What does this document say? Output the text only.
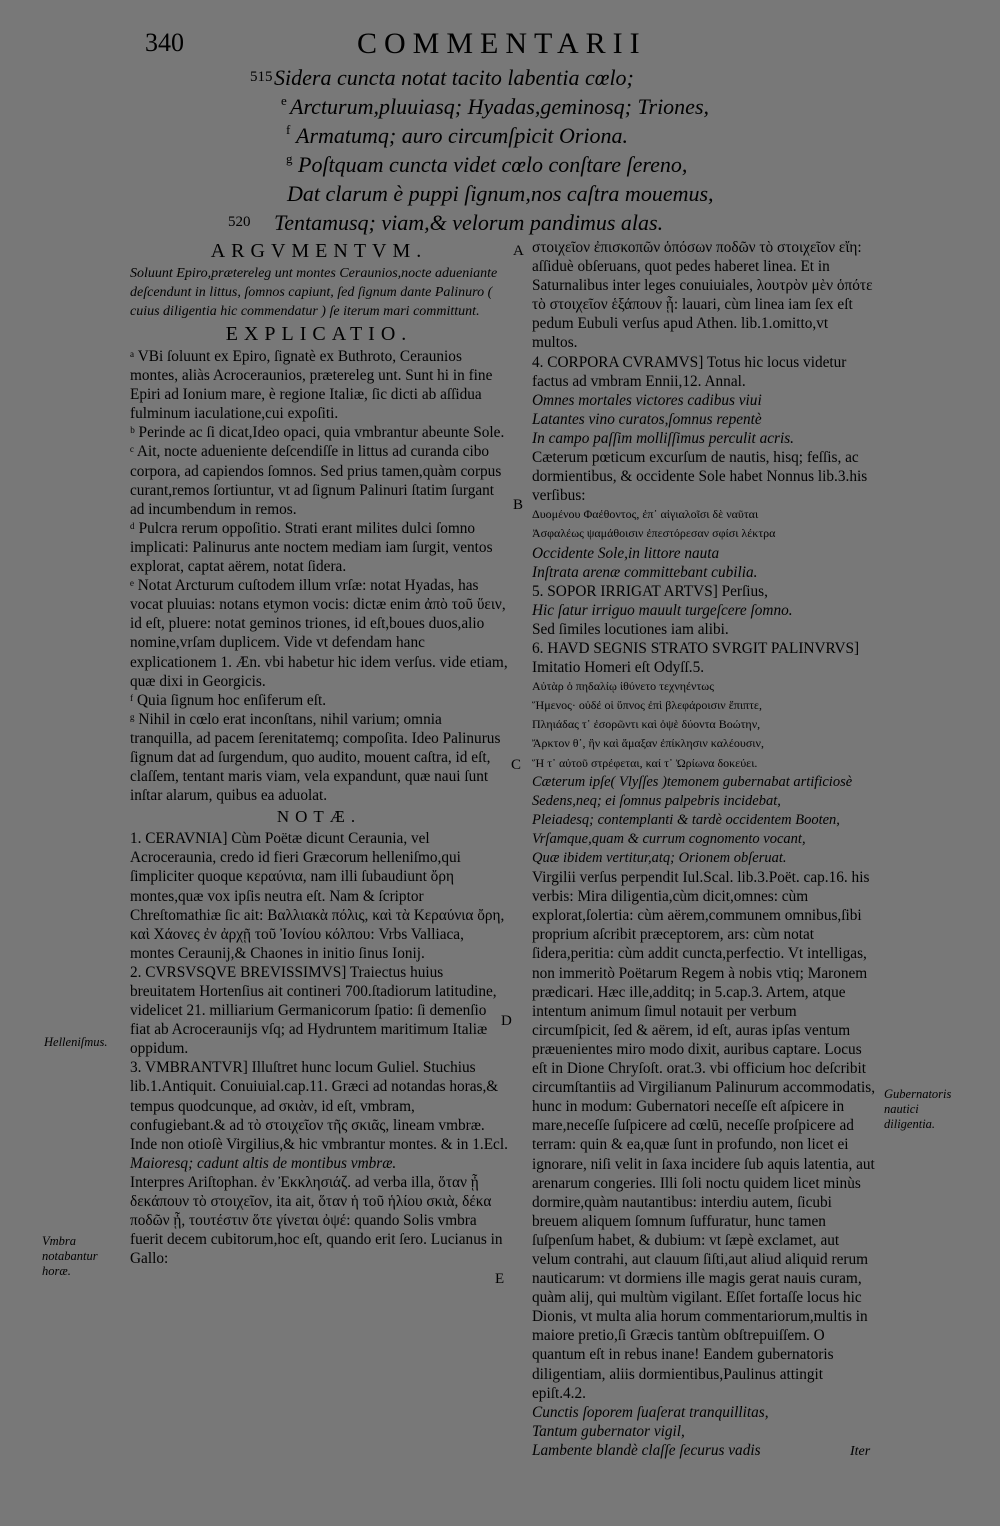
340	COMMENTARII
515 Sidera cuncta notat tacito labentia cœlo;
e Arcturum,pluuiasq; Hyadas,geminosq; Triones,
f Armatumq; auro circumſpicit Oriona.
g Poſtquam cuncta videt cœlo conſtare ſereno,
Dat clarum è puppi ſignum,nos caſtra mouemus,
520 Tentamusq; viam,& velorum pandimus alas.

ARGVMENTVM.

Soluunt Epiro,prætereleg unt montes Ceraunios,nocte adueniante deſcendunt in littus, ſomnos capiunt, ſed ſignum dante Palinuro ( cuius diligentia hic commendatur ) ſe iterum mari committunt.

EXPLICATIO.

ᵃ VBi ſoluunt ex Epiro, ſignatè ex Buthroto, Ceraunios montes, aliàs Acroceraunios, prætereleg unt. Sunt hi in fine Epiri ad Ionium mare, è regione Italiæ, ſic dicti ab aſſidua fulminum iaculatione,cui expoſiti.

ᵇ Perinde ac ſi dicat,Ideo opaci, quia vmbrantur abeunte Sole.

ᶜ Ait, nocte adueniente deſcendiſſe in littus ad curanda cibo corpora, ad capiendos ſomnos. Sed prius tamen,quàm corpus curant,remos ſortiuntur, vt ad ſignum Palinuri ſtatim ſurgant ad incumbendum in remos.

ᵈ Pulcra rerum oppoſitio. Strati erant milites dulci ſomno implicati: Palinurus ante noctem mediam iam ſurgit, ventos explorat, captat aërem, notat ſidera.

ᵉ Notat Arcturum cuſtodem illum vrſæ: notat Hyadas, has vocat pluuias: notans etymon vocis: dictæ enim ἀπὸ τοῦ ὕειν, id eſt, pluere: notat geminos triones, id eſt,boues duos,alio nomine,vrſam duplicem. Vide vt defendam hanc explicationem 1. Æn. vbi habetur hic idem verſus. vide etiam, quæ dixi in Georgicis.

ᶠ Quia ſignum hoc enſiferum eſt.

ᵍ Nihil in cœlo erat inconſtans, nihil varium; omnia tranquilla, ad pacem ſerenitatemq; compoſita. Ideo Palinurus ſignum dat ad ſurgendum, quo audito, mouent caſtra, id eſt, claſſem, tentant maris viam, vela expandunt, quæ naui ſunt inſtar alarum, quibus ea aduolat.

NOTÆ.

1. CERAVNIA] Cùm Poëtæ dicunt Ceraunia, vel Acroceraunia, credo id fieri Græcorum helleniſmo,qui ſimpliciter quoque κεραύνια, nam illi ſubaudiunt ὄρη montes,quæ vox ipſis neutra eſt. Nam & ſcriptor Chreſtomathiæ ſic ait: Βαλλιακὰ πόλις, καὶ τὰ Κεραύνια ὄρη, καὶ Χάονες ἐν ἀρχῇ τοῦ Ἰονίου κόλπου: Vrbs Valliaca, montes Ceraunij,& Chaones in initio ſinus Ionij.

2. CVRSVSQVE BREVISSIMVS] Traiectus huius breuitatem Hortenſius ait contineri 700.ſtadiorum latitudine, videlicet 21. milliarium Germanicorum ſpatio: ſi demenſio fiat ab Acroceraunijs vſq; ad Hydruntem maritimum Italiæ oppidum.

3. VMBRANTVR] Illuſtret hunc locum Guliel. Stuchius lib.1.Antiquit. Conuiuial.cap.11. Græci ad notandas horas,& tempus quodcunque, ad σκιὰν, id eſt, vmbram, confugiebant.& ad τὸ στοιχεῖον τῆς σκιᾶς, lineam vmbræ. Inde non otioſè Virgilius,& hic vmbrantur montes. & in 1.Ecl.

Maioresq; cadunt altis de montibus vmbræ.

Interpres Ariſtophan. ἐν Ἐκκλησιάζ. ad verba illa, ὅταν ᾖ δεκάπουν τὸ στοιχεῖον, ita ait, ὅταν ἡ τοῦ ἡλίου σκιὰ, δέκα ποδῶν ᾖ, τουτέστιν ὅτε γίνεται ὀψέ: quando Solis vmbra fuerit decem cubitorum,hoc eſt, quando erit ſero. Lucianus in Gallo:

στοιχεῖον ἐπισκοπῶν ὁπόσων ποδῶν τὸ στοιχεῖον εἴη: aſſiduè obſeruans, quot pedes haberet linea. Et in Saturnalibus inter leges conuiuiales, λουτρὸν μὲν ὁπότε τὸ στοιχεῖον ἑξάπουν ᾖ: lauari, cùm linea iam ſex eſt pedum Eubuli verſus apud Athen. lib.1.omitto,vt multos.

4. CORPORA CVRAMVS] Totus hic locus videtur factus ad vmbram Ennii,12. Annal.

Omnes mortales victores cadibus viui

Latantes vino curatos,ſomnus repentè

In campo paſſim molliſſimus perculit acris.

Cæterum pœticum excurſum de nautis, hisq; feſſis, ac dormientibus, & occidente Sole habet Nonnus lib.3.his verſibus:

Δυομένου Φαέθοντος, ἐπ᾽ αἰγιαλοῖσι δὲ ναῦται

Ἀσφαλέως ψαμάθοισιν ἐπεστόρεσαν σφίσι λέκτρα

Occidente Sole,in littore nauta

Inſtrata arenæ committebant cubilia.

5. SOPOR IRRIGAT ARTVS] Perſius,

Hic ſatur irriguo mauult turgeſcere ſomno.

Sed ſimiles locutiones iam alibi.

6. HAVD SEGNIS STRATO SVRGIT PALINVRVS] Imitatio Homeri eſt Odyſſ.5.

Αὐτὰρ ὁ πηδαλίῳ ἰθύνετο τεχνηέντως

Ἥμενος· οὐδέ οἱ ὕπνος ἐπὶ βλεφάροισιν ἔπιπτε,

Πληιάδας τ᾽ ἐσορῶντι καὶ ὀψὲ δύοντα Βοώτην,

Ἄρκτον θ᾽, ἣν καὶ ἄμαξαν ἐπίκλησιν καλέουσιν,

Ἥ τ᾽ αὐτοῦ στρέφεται, καί τ᾽ Ὠρίωνα δοκεύει.

Cæterum ipſe( Vlyſſes )temonem gubernabat artificiosè

Sedens,neq; ei ſomnus palpebris incidebat,

Pleiadesq; contemplanti & tardè occidentem Booten,

Vrſamque,quam & currum cognomento vocant,

Quæ ibidem vertitur,atq; Orionem obſeruat.

Virgilii verſus perpendit Iul.Scal. lib.3.Poët. cap.16. his verbis: Mira diligentia,cùm dicit,omnes: cùm explorat,ſolertia: cùm aërem,communem omnibus,ſibi proprium aſcribit præceptorem, ars: cùm notat ſidera,peritia: cùm addit cuncta,perfectio. Vt intelligas, non immeritò Poëtarum Regem à nobis vtiq; Maronem prædicari. Hæc ille,additq; in 5.cap.3. Artem, atque intentum animum ſimul notauit per verbum circumſpicit, ſed & aërem, id eſt, auras ipſas ventum præuenientes miro modo dixit, auribus captare. Locus eſt in Dione Chryſoſt. orat.3. vbi officium hoc deſcribit circumſtantiis ad Virgilianum Palinurum accommodatis, hunc in modum: Gubernatori neceſſe eſt aſpicere in mare,neceſſe ſuſpicere ad cœlū, neceſſe proſpicere ad terram: quin & ea,quæ ſunt in profundo, non licet ei ignorare, niſi velit in ſaxa incidere ſub aquis latentia, aut arenarum congeries. Illi ſoli noctu quidem licet minùs dormire,quàm nautantibus: interdiu autem, ſicubi breuem aliquem ſomnum ſuffuratur, hunc tamen ſuſpenſum habet, & dubium: vt ſæpè exclamet, aut velum contrahi, aut clauum ſiſti,aut aliud aliquid rerum nauticarum: vt dormiens ille magis gerat nauis curam, quàm alij, qui multùm vigilant. Eſſet fortaſſe locus hic Dionis, vt multa alia horum commentariorum,multis in maiore pretio,ſi Græcis tantùm obſtrepuiſſem. O quantum eſt in rebus inane! Eandem gubernatoris diligentiam, aliis dormientibus,Paulinus attingit epiſt.4.2.

Cunctis ſoporem ſuaſerat tranquillitas,

Tantum gubernator vigil,

Lambente blandè claſſe ſecurus vadis

A
B
C
D
E
Helleniſmus.
Vmbra notabantur horæ.
Gubernatoris nautici diligentia.
Iter
